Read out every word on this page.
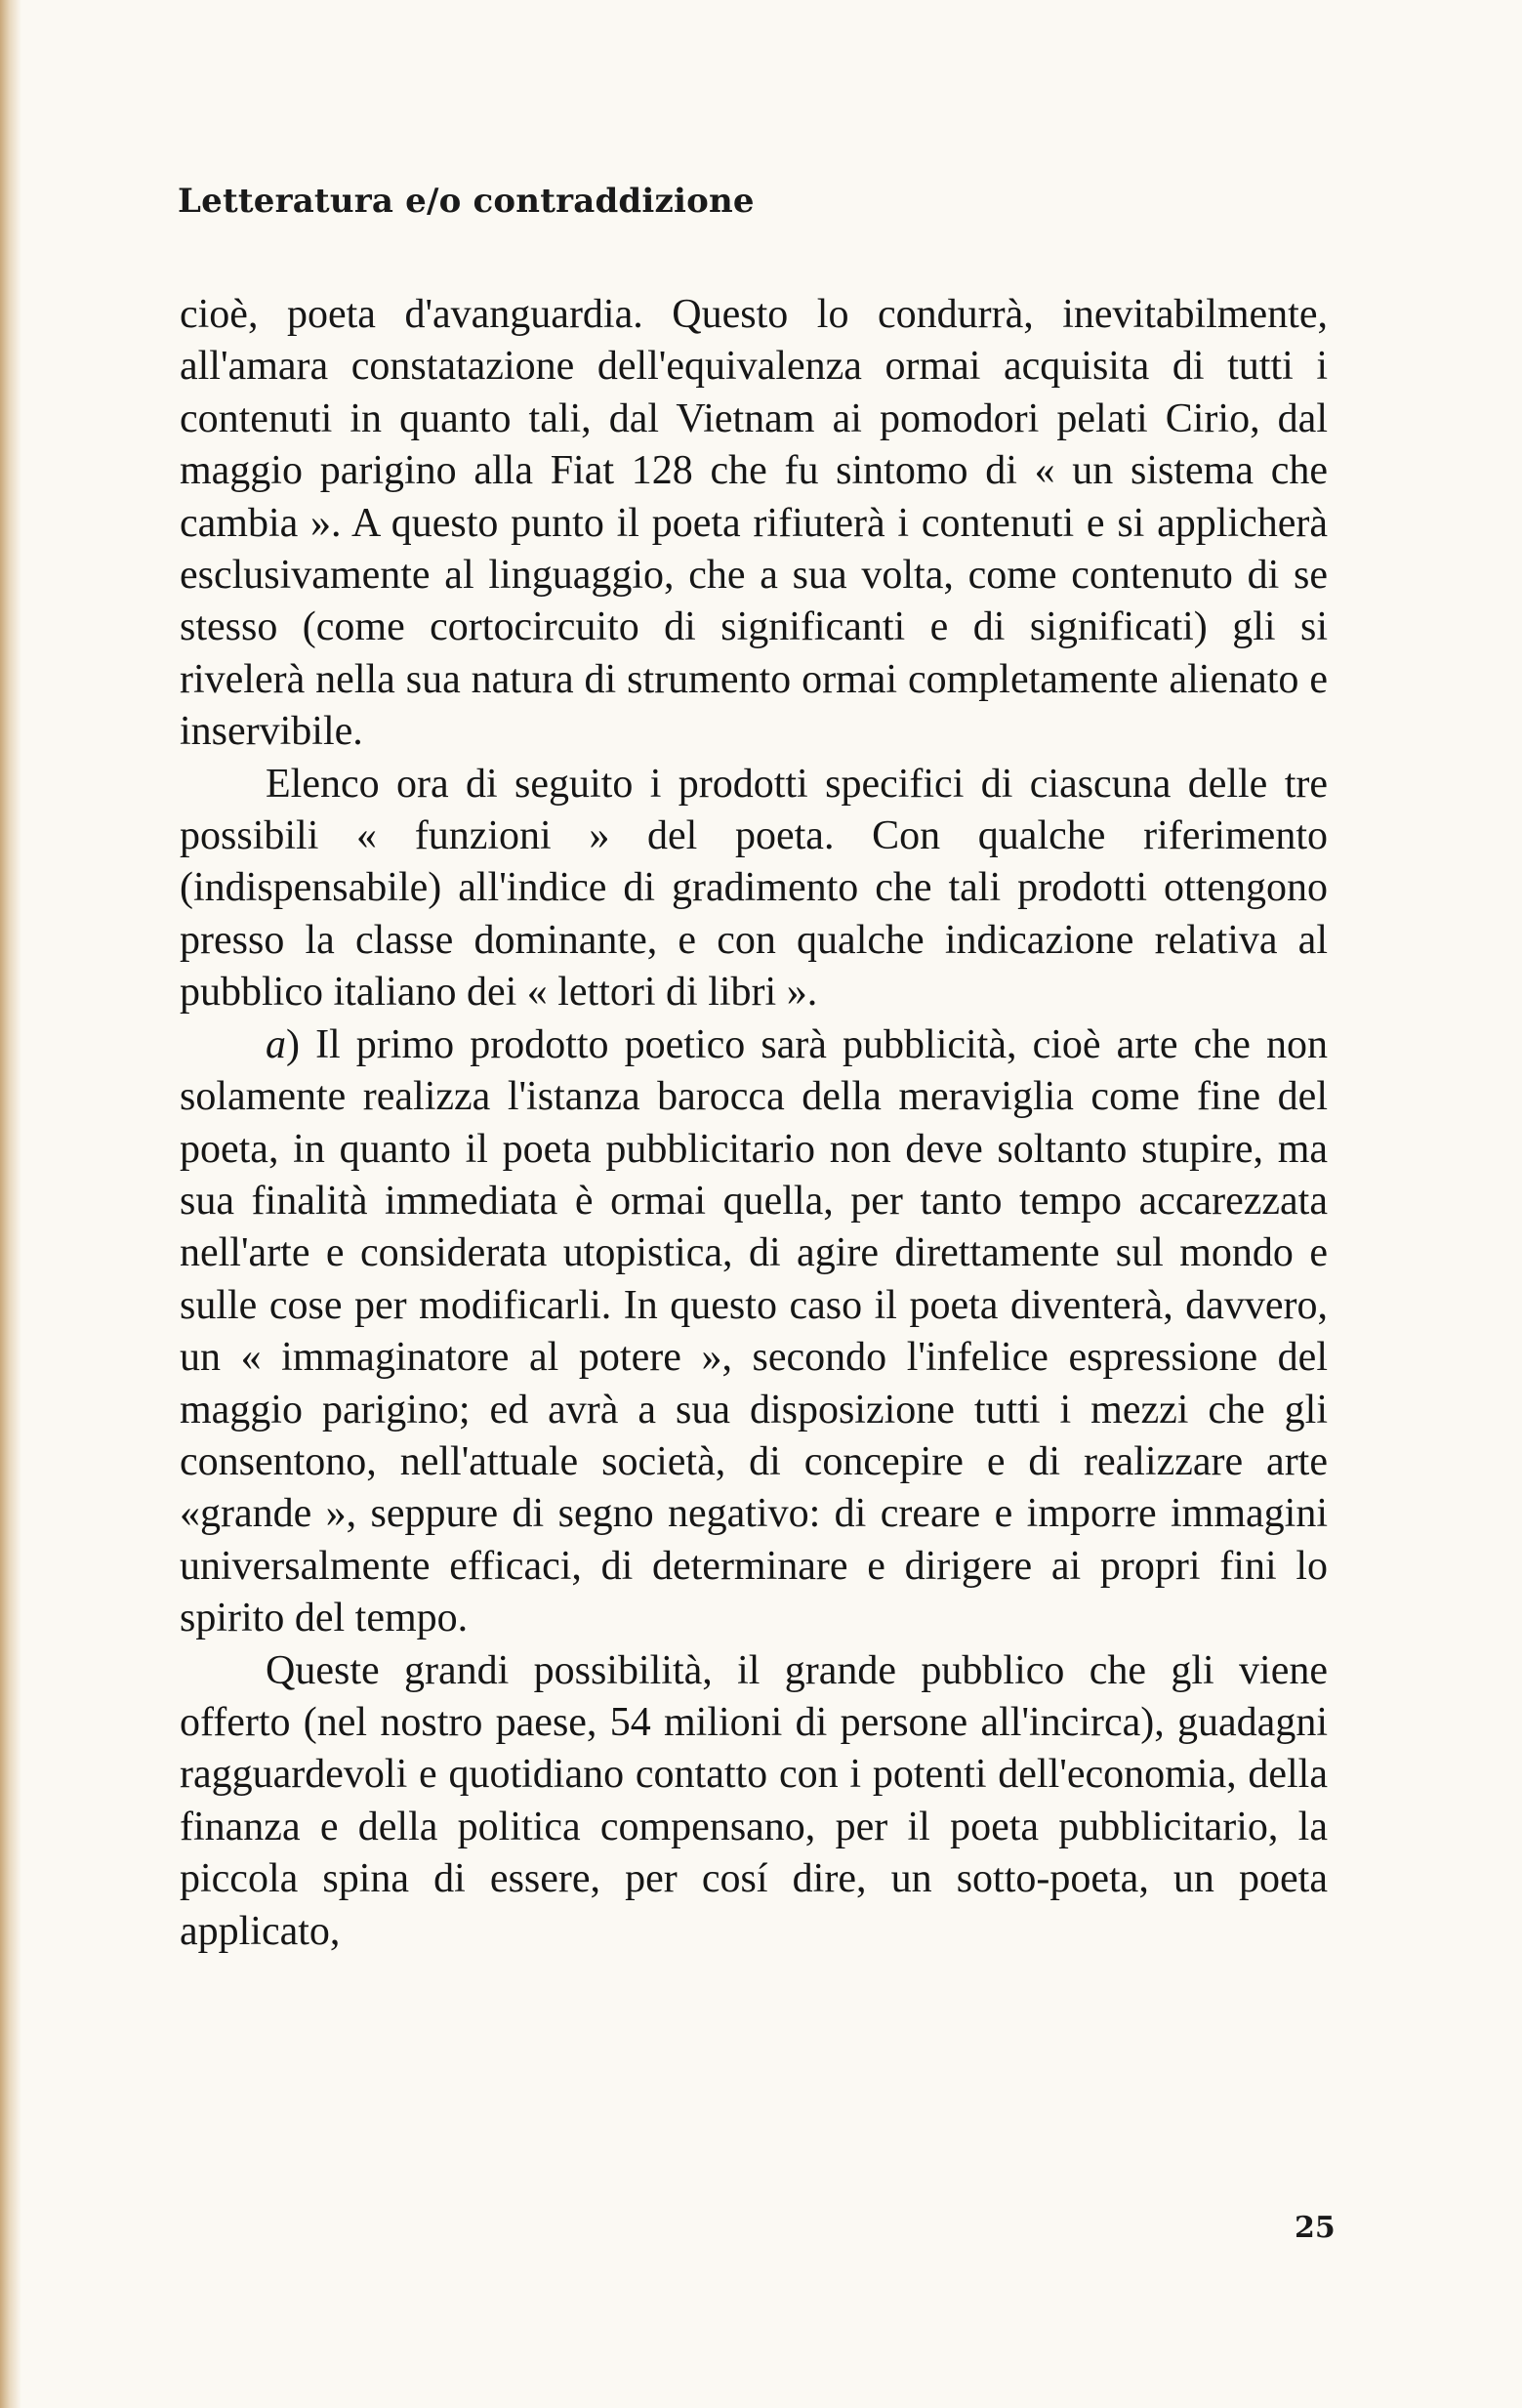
Letteratura e/o contraddizione

cioè, poeta d'avanguardia. Questo lo condurrà, inevitabilmente, all'amara constatazione dell'equivalenza ormai acquisita di tutti i contenuti in quanto tali, dal Vietnam ai pomodori pelati Cirio, dal maggio parigino alla Fiat 128 che fu sintomo di « un sistema che cambia ». A questo punto il poeta rifiuterà i contenuti e si applicherà esclusivamente al linguaggio, che a sua volta, come contenuto di se stesso (come cortocircuito di significanti e di significati) gli si rivelerà nella sua natura di strumento ormai completamente alienato e inservibile.

Elenco ora di seguito i prodotti specifici di ciascuna delle tre possibili « funzioni » del poeta. Con qualche riferimento (indispensabile) all'indice di gradimento che tali prodotti ottengono presso la classe dominante, e con qualche indicazione relativa al pubblico italiano dei « lettori di libri ».

a) Il primo prodotto poetico sarà pubblicità, cioè arte che non solamente realizza l'istanza barocca della meraviglia come fine del poeta, in quanto il poeta pubblicitario non deve soltanto stupire, ma sua finalità immediata è ormai quella, per tanto tempo accarezzata nell'arte e considerata utopistica, di agire direttamente sul mondo e sulle cose per modificarli. In questo caso il poeta diventerà, davvero, un « immaginatore al potere », secondo l'infelice espressione del maggio parigino; ed avrà a sua disposizione tutti i mezzi che gli consentono, nell'attuale società, di concepire e di realizzare arte «grande », seppure di segno negativo: di creare e imporre immagini universalmente efficaci, di determinare e dirigere ai propri fini lo spirito del tempo.

Queste grandi possibilità, il grande pubblico che gli viene offerto (nel nostro paese, 54 milioni di persone all'incirca), guadagni ragguardevoli e quotidiano contatto con i potenti dell'economia, della finanza e della politica compensano, per il poeta pubblicitario, la piccola spina di essere, per cosí dire, un sotto-poeta, un poeta applicato,

25
